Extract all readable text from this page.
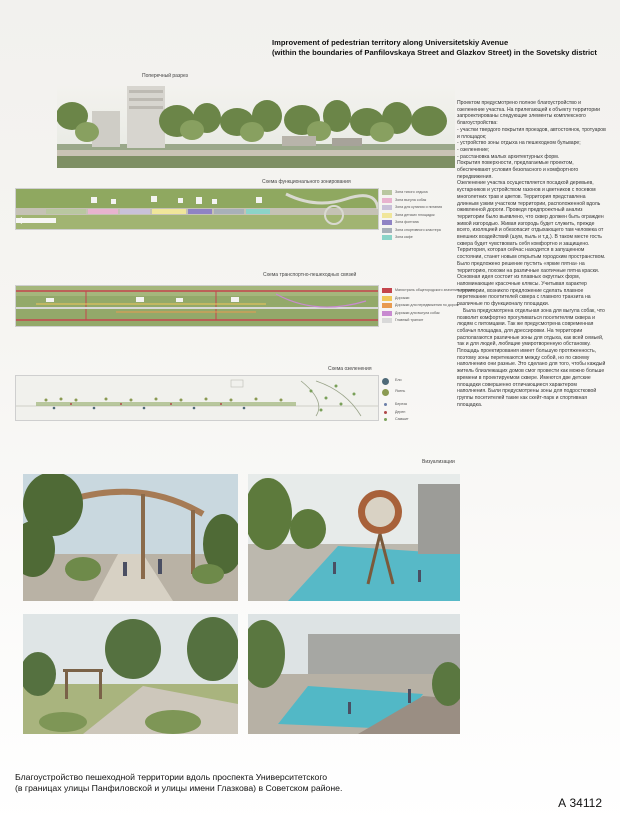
Improvement of pedestrian territory along Universitetskiy Avenue
(within the boundaries of Panfilovskaya Street and Glazkov Street) in the Sovetsky district
Поперечный разрез
Схема функционального зонирования
Зона тихого отдыха
Зона выгула собак
Зона для купания и питания
Зона детских площадок
Зона фонтана
Зона спортивного кластера
Зона кафе
Схема транспортно-пешеходных связей
Магистраль общегородского значения, проезды
Дорожки
Дорожки для передвижения по дороге
Дорожки для выгула собак
Главный транзит
Схема озеленения
Ели
Ясень
Береза
Дерен
Самшит

Проектом предусмотрено полное благоустройство и озеленение участка. На прилегающей к объекту территории запроектированы следующие элементы комплексного благоустройства:

- участки твердого покрытия проездов, автостоянок, тротуаров и площадок;

- устройство зоны отдыха на пешеходном бульваре;

- озеленение;

- расстановка малых архитектурных форм.

Покрытия поверхности, предлагаемые проектом, обеспечивают условия безопасного и комфортного передвижения.

Озеленение участка осуществляется посадкой деревьев, кустарников и устройством газонов и цветников с посевом многолетних трав и цветов. Территория представлена длинным узким участком территории, расположенной вдоль оживленной дороги. Проведя предпроектный анализ территории было выявлено, что сквер должен быть огражден живой изгородью. Живая изгородь будет служить, прежде всего, изоляцией и обезопасит отдыхающего там человека от внешних воздействий (шум, пыль и т.д.). В таком месте гость сквера будет чувствовать себя комфортно и защищено.

Территория, которая сейчас находится в запущенном состоянии, станет новым открытым городским пространством. Было предложено решение пустить «яркие пятна» на территорию, похожи на различные хаотичные пятна краски. Основная идея состоит из плавных округлых форм, напоминающие красочные кляксы. Учитывая характер территории, возникло предложение сделать плавное перетекание посетителей сквера с главного транзита на различные по функционалу площадки.

Была предусмотрена отдельная зона для выгула собак, что позволит комфортно прогуливаться посетителям сквера и людям с питомцами. Так же предусмотрена современная собачья площадка, для дрессировки. На территории располагаются различные зоны для отдыха, как всей семьей, так и для людей, любящие умиротворенную обстановку. Площадь проектирования имеет большую протяженность, поэтому зоны перетекаются между собой, но по своему наполнению они разные. Это сделано для того, чтобы каждый житель близлежащих домов смог провести как можно больше времени в проектируемом сквере. Имеются две детские площадки совершенно отличающиеся характером наполнения. Были предусмотрены зоны для подростковой группы посетителей такие как скейт-парк и спортивная площадка.

Визуализации
Благоустройство пешеходной территории вдоль проспекта Университетского
(в границах улицы Панфиловской и улицы имени Глазкова) в Советском районе.
А 34112
